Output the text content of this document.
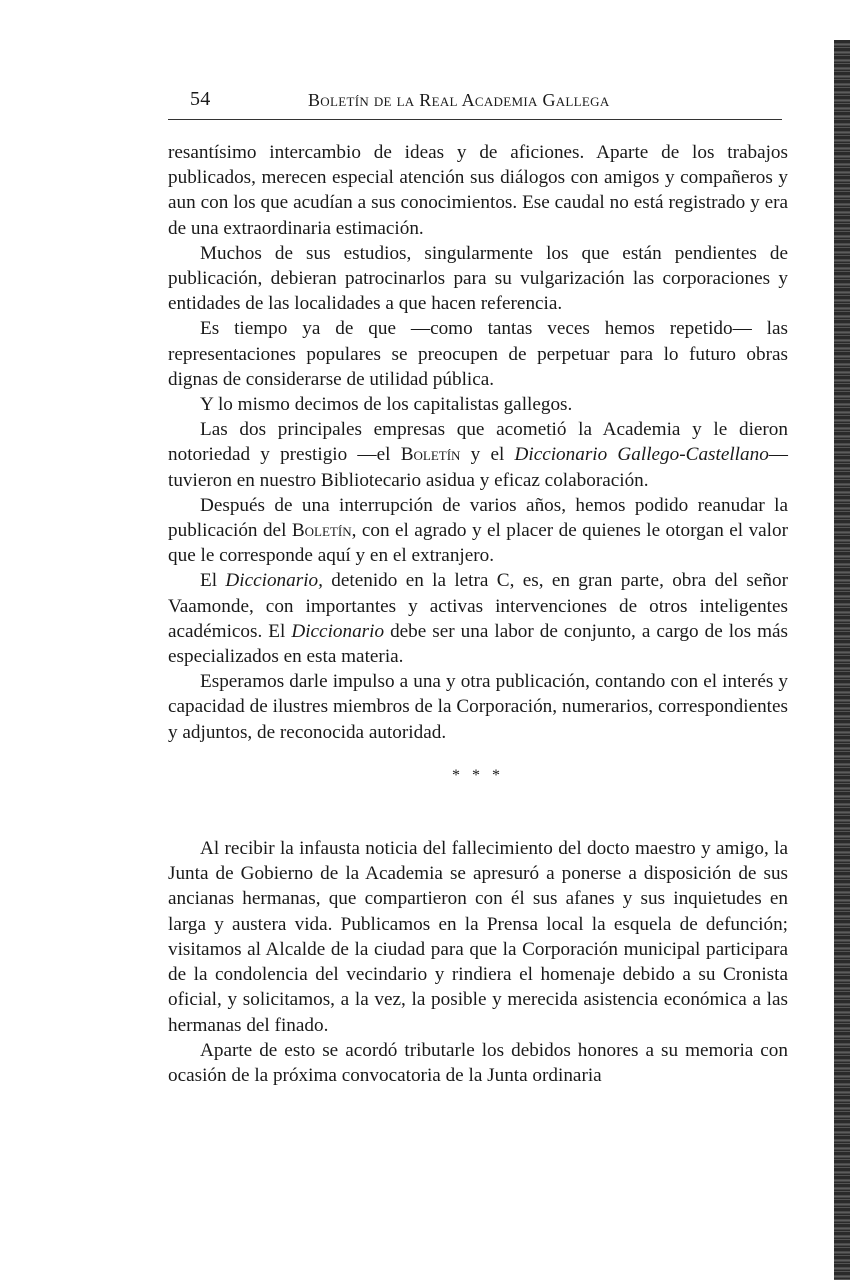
54	Boletín de la Real Academia Gallega

resantísimo intercambio de ideas y de aficiones. Aparte de los trabajos publicados, merecen especial atención sus diálogos con amigos y compañeros y aun con los que acudían a sus conocimientos. Ese caudal no está registrado y era de una extraordinaria estimación.

Muchos de sus estudios, singularmente los que están pendientes de publicación, debieran patrocinarlos para su vulgarización las corporaciones y entidades de las localidades a que hacen referencia.

Es tiempo ya de que —como tantas veces hemos repetido— las representaciones populares se preocupen de perpetuar para lo futuro obras dignas de considerarse de utilidad pública.

Y lo mismo decimos de los capitalistas gallegos.

Las dos principales empresas que acometió la Academia y le dieron notoriedad y prestigio —el Boletín y el Diccionario Gallego-Castellano— tuvieron en nuestro Bibliotecario asidua y eficaz colaboración.

Después de una interrupción de varios años, hemos podido reanudar la publicación del Boletín, con el agrado y el placer de quienes le otorgan el valor que le corresponde aquí y en el extranjero.

El Diccionario, detenido en la letra C, es, en gran parte, obra del señor Vaamonde, con importantes y activas intervenciones de otros inteligentes académicos. El Diccionario debe ser una labor de conjunto, a cargo de los más especializados en esta materia.

Esperamos darle impulso a una y otra publicación, contando con el interés y capacidad de ilustres miembros de la Corporación, numerarios, correspondientes y adjuntos, de reconocida autoridad.

* * *

Al recibir la infausta noticia del fallecimiento del docto maestro y amigo, la Junta de Gobierno de la Academia se apresuró a ponerse a disposición de sus ancianas hermanas, que compartieron con él sus afanes y sus inquietudes en larga y austera vida. Publicamos en la Prensa local la esquela de defunción; visitamos al Alcalde de la ciudad para que la Corporación municipal participara de la condolencia del vecindario y rindiera el homenaje debido a su Cronista oficial, y solicitamos, a la vez, la posible y merecida asistencia económica a las hermanas del finado.

Aparte de esto se acordó tributarle los debidos honores a su memoria con ocasión de la próxima convocatoria de la Junta ordinaria
